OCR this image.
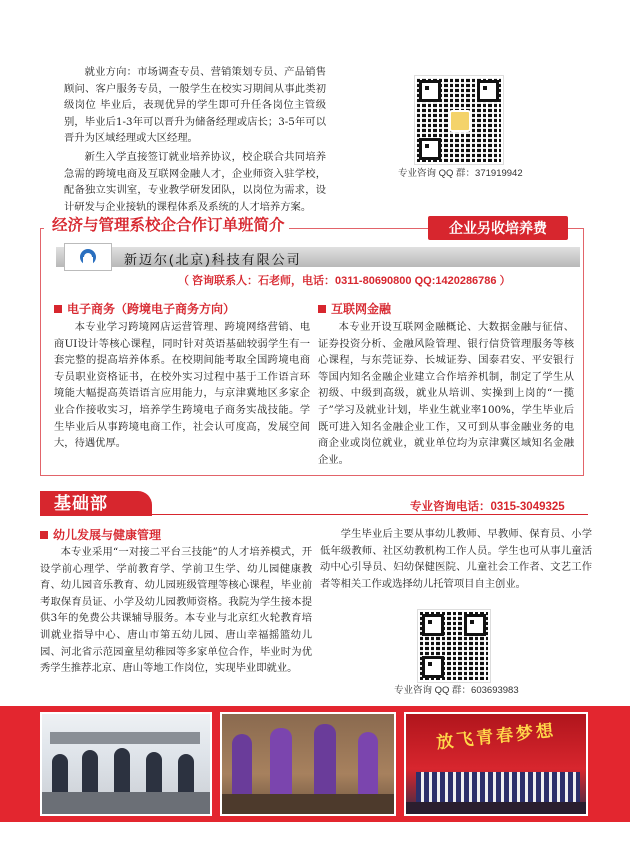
就业方向：市场调查专员、营销策划专员、产品销售顾问、客户服务专员，一般学生在校实习期间从事此类初级岗位 毕业后，表现优异的学生即可升任各岗位主管级别，毕业后1-3年可以晋升为储备经理或店长；3-5年可以晋升为区域经理或大区经理。

新生入学直接签订就业培养协议，校企联合共同培养急需的跨境电商及互联网金融人才，企业师资入驻学校，配备独立实训室，专业教学研发团队，以岗位为需求，设计研发与企业接轨的课程体系及系统的人才培养方案。

专业咨询 QQ 群：371919942
经济与管理系校企合作订单班简介	企业另收培养费
新迈尔(北京)科技有限公司
（ 咨询联系人：石老师，电话：0311-80690800 QQ:1420286786 ）
电子商务（跨境电子商务方向）

本专业学习跨境网店运营管理、跨境网络营销、电商UI设计等核心课程，同时针对英语基础较弱学生有一套完整的提高培养体系。在校期间能考取全国跨境电商专员职业资格证书，在校外实习过程中基于工作语言环境能大幅提高英语语言应用能力，与京津冀地区多家企业合作接收实习，培养学生跨境电子商务实战技能。学生毕业后从事跨境电商工作，社会认可度高，发展空间大，待遇优厚。

互联网金融

本专业开设互联网金融概论、大数据金融与征信、证券投资分析、金融风险管理、银行信贷管理服务等核心课程，与东莞证券、长城证券、国泰君安、平安银行等国内知名金融企业建立合作培养机制，制定了学生从初级、中级到高级，就业从培训、实操到上岗的“一揽子”学习及就业计划，毕业生就业率100%，学生毕业后既可进入知名金融企业工作，又可到从事金融业务的电商企业或岗位就业，就业单位均为京津冀区域知名金融企业。

基础部	专业咨询电话：0315-3049325
幼儿发展与健康管理

本专业采用“一对接二平台三技能”的人才培养模式，开设学前心理学、学前教育学、学前卫生学、幼儿园健康教育、幼儿园音乐教育、幼儿园班级管理等核心课程，毕业前考取保育员证、小学及幼儿园教师资格。我院为学生接本提供3年的免费公共课辅导服务。本专业与北京红火轮教育培训就业指导中心、唐山市第五幼儿园、唐山幸福摇篮幼儿园、河北省示范园童星幼稚园等多家单位合作，毕业时为优秀学生推荐北京、唐山等地工作岗位，实现毕业即就业。

学生毕业后主要从事幼儿教师、早教师、保育员、小学低年级教师、社区幼教机构工作人员。学生也可从事儿童活动中心引导员、妇幼保健医院、儿童社会工作者、文艺工作者等相关工作或选择幼儿托管项目自主创业。

专业咨询 QQ 群：603693983
放飞青春梦想
